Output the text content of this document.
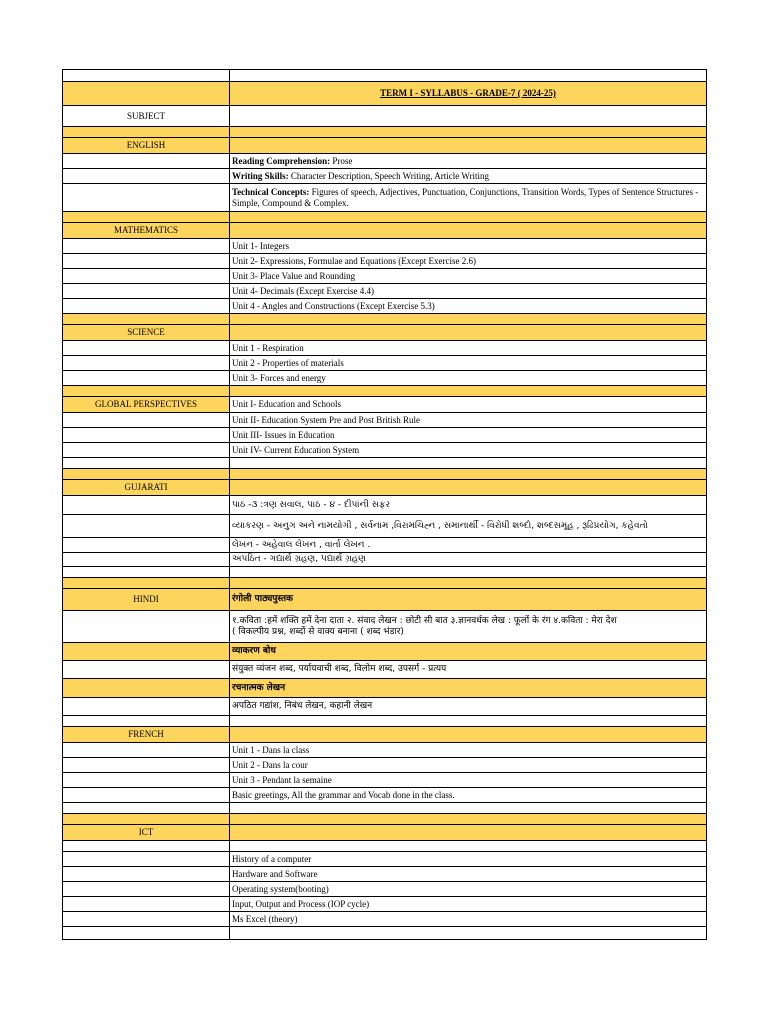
	TERM I - SYLLABUS - GRADE-7 ( 2024-25)
SUBJECT	

ENGLISH	
	Reading Comprehension: Prose
	Writing Skills: Character Description, Speech Writing, Article Writing
	Technical Concepts: Figures of speech, Adjectives, Punctuation, Conjunctions, Transition Words, Types of Sentence Structures - Simple, Compound & Complex.

MATHEMATICS	
	Unit 1- Integers
	Unit 2- Expressions, Formulae and Equations (Except Exercise 2.6)
	Unit 3- Place Value and Rounding
	Unit 4- Decimals (Except Exercise 4.4)
	Unit 4 - Angles and Constructions (Except Exercise 5.3)

SCIENCE	
	Unit 1 - Respiration
	Unit 2 - Properties of materials
	Unit 3- Forces and energy

GLOBAL PERSPECTIVES	Unit I- Education and Schools
	Unit II- Education System Pre and Post British Rule
	Unit III- Issues in Education
	Unit IV- Current Education System

GUJARATI	
	પાઠ -૩ :ત્રણ સવાલ, પાઠ - ૪ - દીપાંની સફર
	વ્યાકરણ - અનુગ અને નામયોગી , સર્વનામ ,વિરામચિહ્ન , સમાનાર્થી - વિરોધી શબ્દો, શબ્દસમૂહ , રૂઢિપ્રયોગ, કહેવતો
	લેખન - અહેવાલ લેખન , વાર્તા લેખન .
	અપઠિત - ગદ્યાર્થ ગ્રહણ, પદ્યાર્થ ગ્રહણ

HINDI	रंगोली पाठ्यपुस्तक

	१.कविता :हमें शक्ति हमें देना दाता २. संवाद लेखन : छोटी सी बात ३.ज्ञानवर्धक लेख : फूलों के रंग ४.कविता : मेरा देश
( विकल्पीय प्रश्न, शब्दों से वाक्य बनाना ( शब्द भंडार)

	व्याकरण बोध
	संयुक्त व्यंजन शब्द, पर्यायवाची शब्द, विलोम शब्द, उपसर्ग - प्रत्यय
	रचनात्मक लेखन
	अपठित गद्यांश, निबंध लेखन, कहानी लेखन

FRENCH	
	Unit 1 - Dans la class
	Unit 2 - Dans la cour
	Unit 3 - Pendant la semaine
	Basic greetings, All the grammar and Vocab done in the class.

ICT	

	History of a computer
	Hardware and Software
	Operating system(booting)
	Input, Output and Process (IOP cycle)
	Ms Excel (theory)
